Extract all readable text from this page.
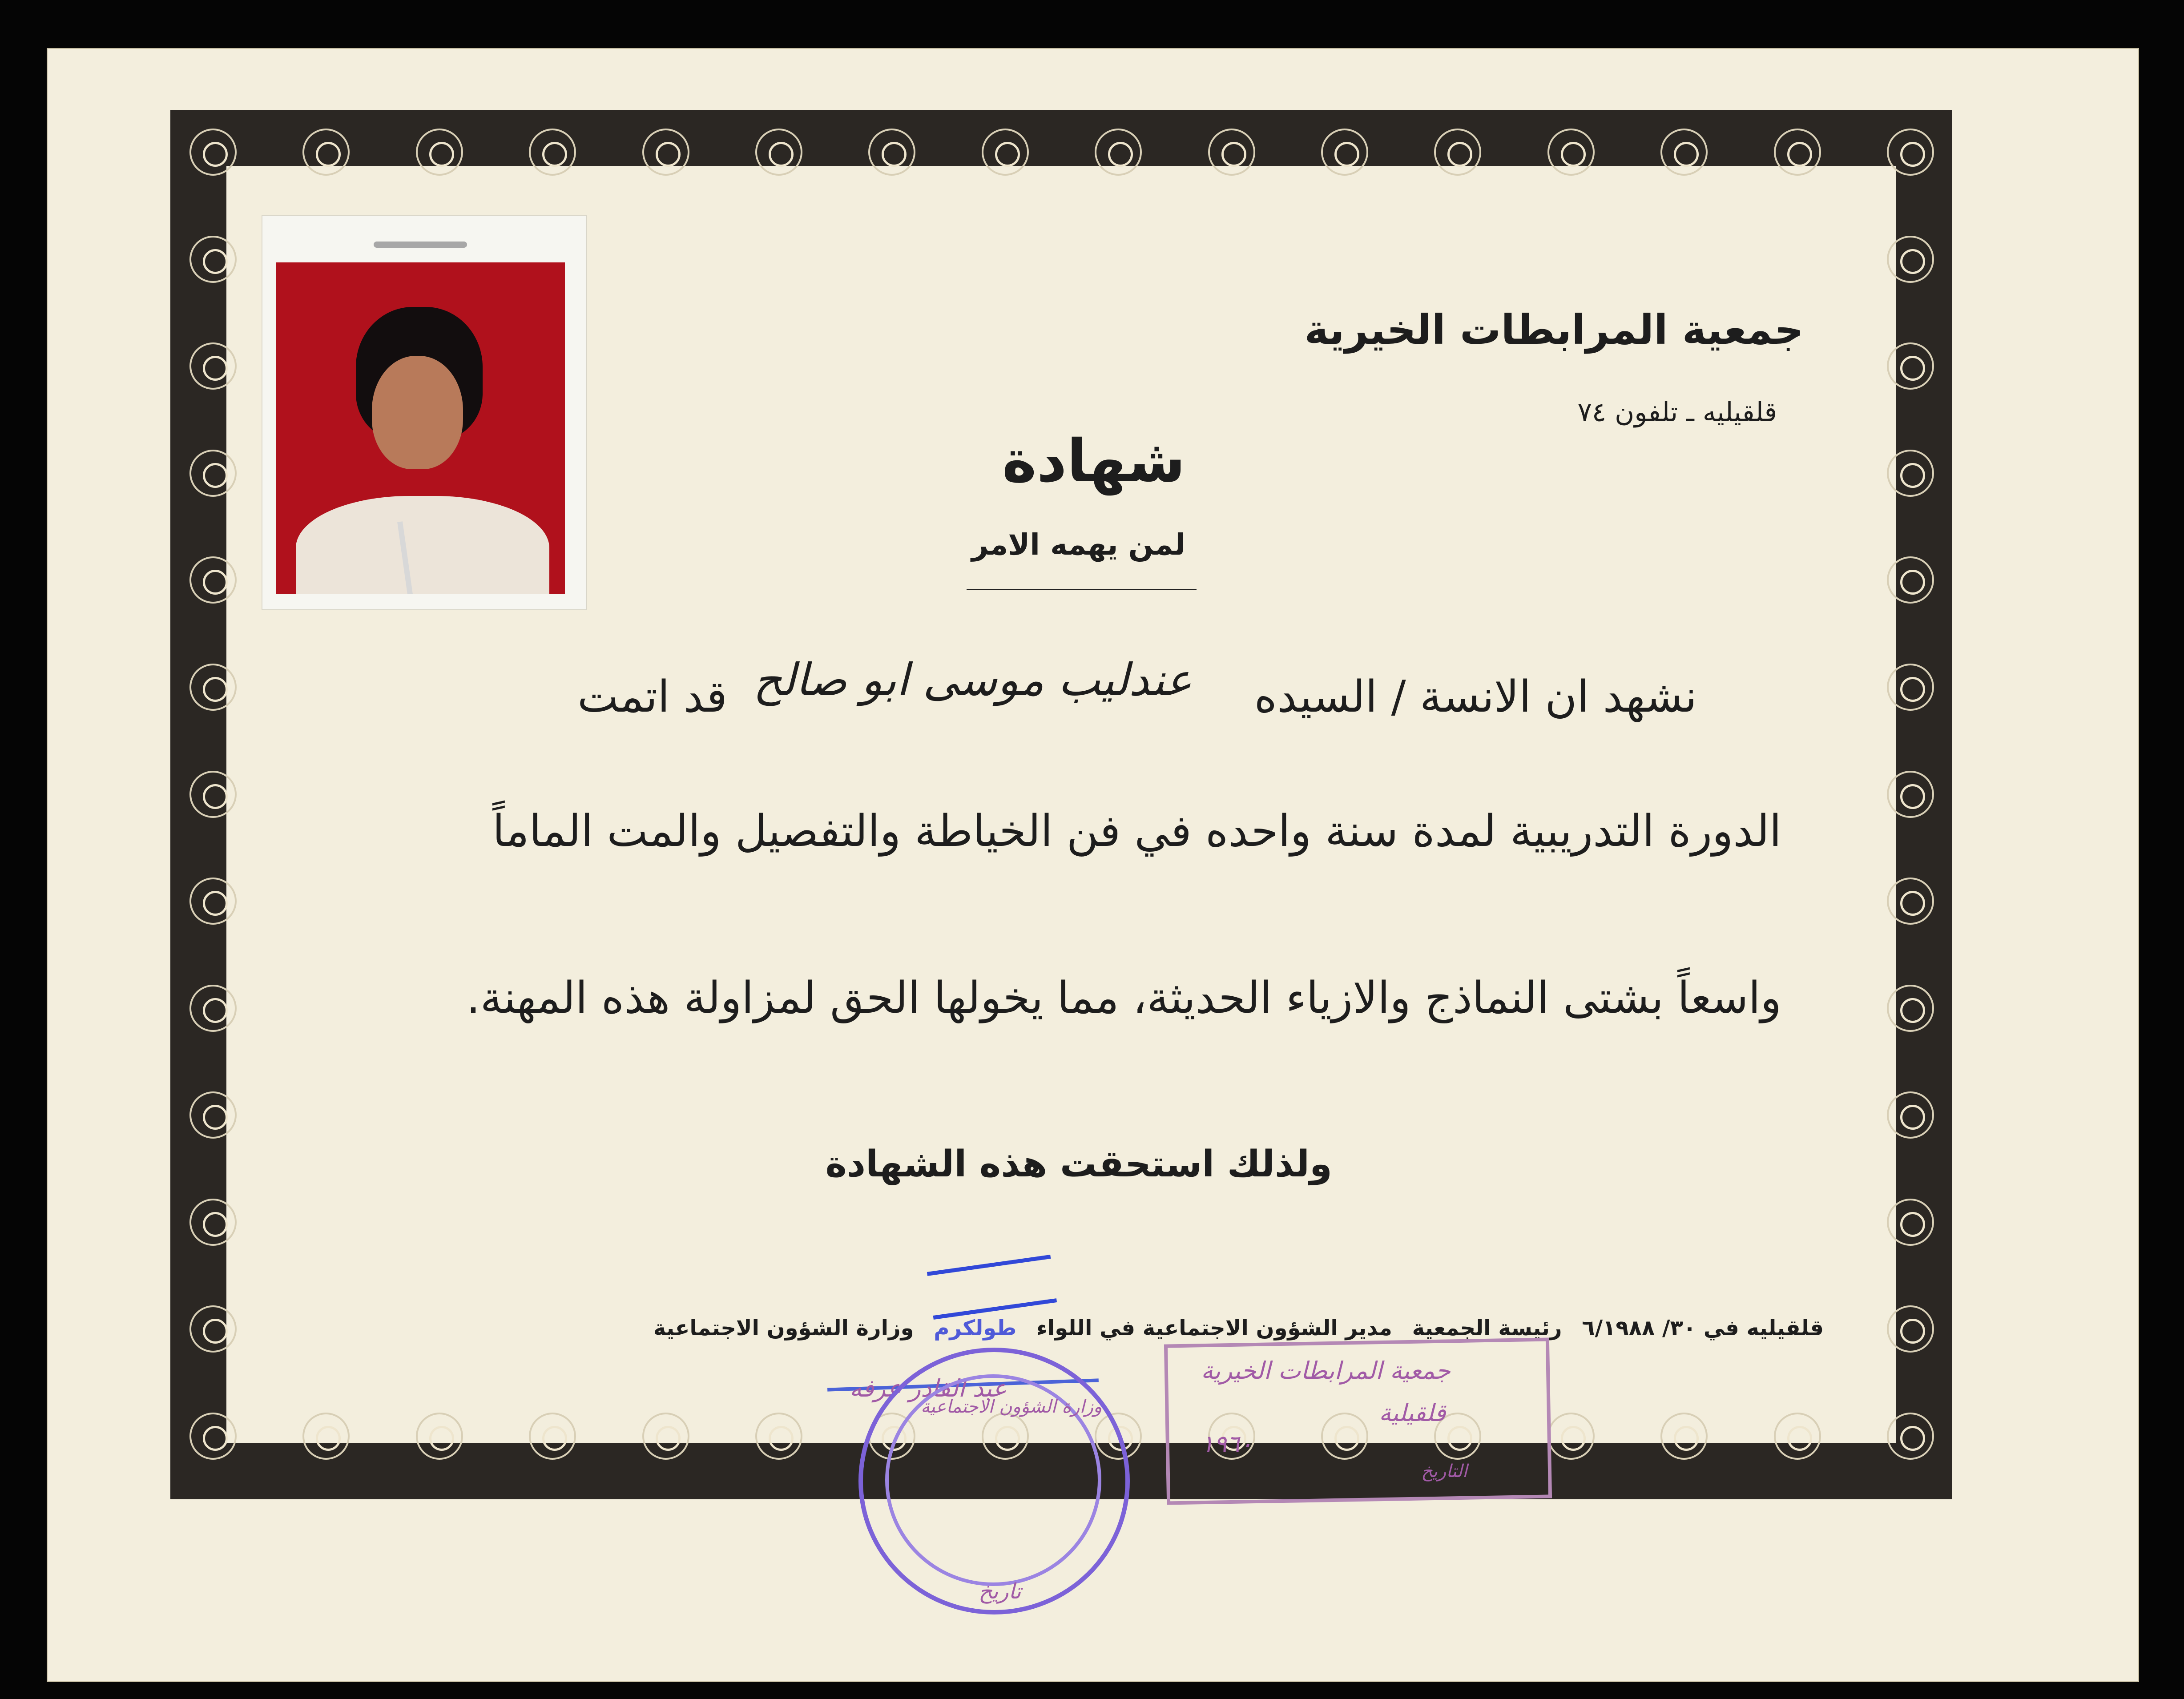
جمعية المرابطات الخيرية
قلقيليه ـ تلفون ٧٤
شهادة
لمن يهمه الامر
نشهد ان الانسة / السيده
عندليب موسى ابو صالح
قد اتمت
الدورة التدريبية لمدة سنة واحده في فن الخياطة والتفصيل والمت الماماً
واسعاً بشتى النماذج والازياء الحديثة، مما يخولها الحق لمزاولة هذه المهنة.
ولذلك استحقت هذه الشهادة
قلقيليه في ٣٠/ ٦/١٩٨٨ رئيسة الجمعية مدير الشؤون الاجتماعية في اللواء طولكرم وزارة الشؤون الاجتماعية
عبد القادر عرفه
جمعية المرابطات الخيرية
قلقيلية
١٩٦٠
التاريخ
وزارة الشؤون الاجتماعية
تاريخ
